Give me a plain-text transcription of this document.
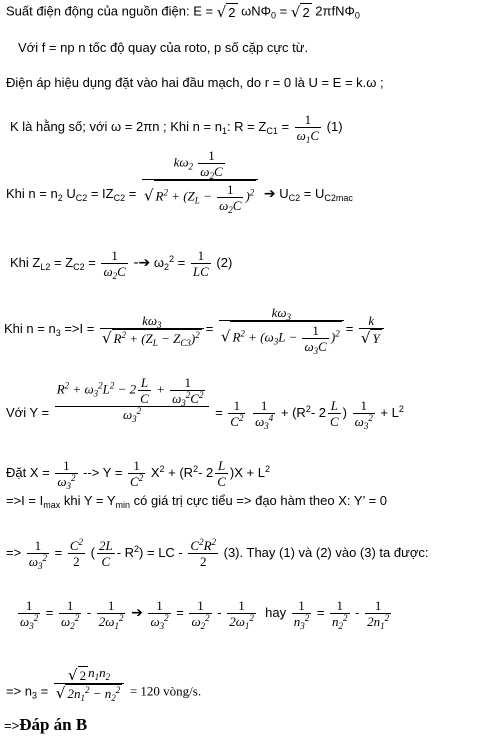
Suất điện động của nguồn điện: E = √ 2 ωNΦ$_0$ = √ 2 2πfNΦ$_0$
Với f = np n tốc độ quay của roto, p số cặp cực từ.
Điện áp hiệu dụng đặt vào hai đầu mạch, do r = 0 là U = E = k.ω ;
K là hằng số; với ω = 2πn ; Khi $n = n_1$: $R = Z_{C1} = \frac{1}{\omega_1C} (1)$
Khi $n = n_2$ $U_{C2} = IZ_{C2} = \frac{k\omega_2 \frac{1}{\omega_2C}}{√ R^2 + (Z_L - \frac{1}{\omega_2C} )^2}$ ➔ $U_{C2} = U_{C2mac}$
Khi $Z_{L2} = Z_{C2} = \frac{1}{\omega_2C}$ -➔ $\omega_2^2 = \frac{1}{LC} (2)$
Khi $n = n_3 =>I = \frac{k\omega_3}{√ R^2 + (Z_L - Z_{C3})^2} = \frac{k\omega_3}{√ R^2 + (\omega_3L - \frac{1}{\omega_3C} )^2} = \frac{k}{√ Y}$
Với $Y = \frac{R^2 + \omega_3^2L^2 - 2 \frac{L}{C} + \frac{1}{\omega_3^2C^2}}{\omega_3^2} = \frac{1}{C^2}$
$\frac{1}{\omega_3^4} + (R^2-$ $2 \frac{L}{C}$ ) $\frac{1}{\omega_3^2} + L^2$
Đặt $X = \frac{1}{\omega_3^2}$ --> $Y = \frac{1}{C^2} X^2 + (R^2-$ $2 \frac{L}{C} )X + L^2$
$=>I = I_{max}$ khi $Y = Y_{min}$ có giá trị cực tiểu => đạo hàm theo X: Y’ = 0
=> $\frac{1}{\omega_3^2} = \frac{C^2}{2}$ ( $\frac{2L}{C} - R^2$) = LC - $\frac{C^2R^2}{2} (3)$. Thay (1) và (2) vào (3) ta được:
$\frac{1}{\omega_3^2} = \frac{1}{\omega_2^2} - \frac{1}{2\omega_1^2}$ ➔ $\frac{1}{\omega_3^2} = \frac{1}{\omega_2^2} - \frac{1}{2\omega_1^2}$ hay $\frac{1}{n_3^2} = \frac{1}{n_2^2} - \frac{1}{2n_1^2}$
=> $n_3 = \frac{√ 2 n_1n_2}{√ 2n_1^2 - n_2^2} = 120$ vòng/s.
=>Đáp án B
